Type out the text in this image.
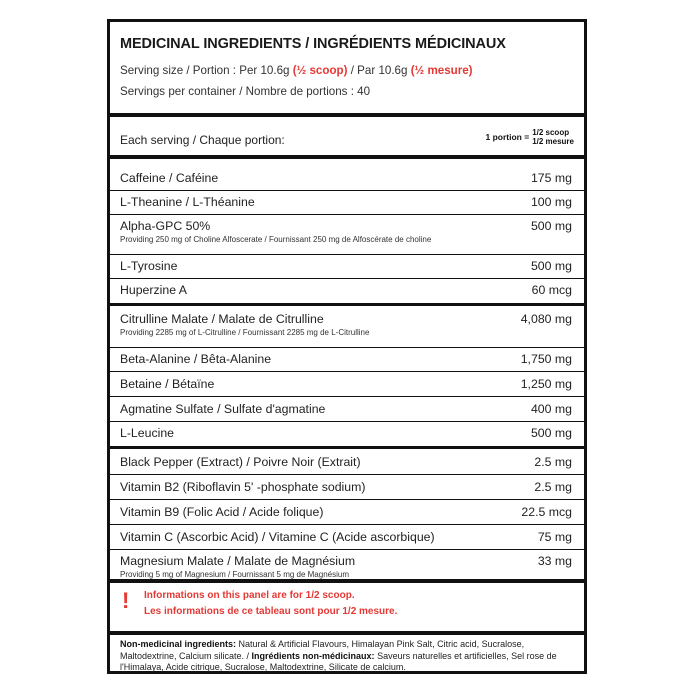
MEDICINAL INGREDIENTS / INGRÉDIENTS MÉDICINAUX
Serving size / Portion : Per 10.6g (½ scoop) / Par 10.6g (½ mesure)
Servings per container / Nombre de portions : 40
Each serving / Chaque portion:	1 portion = 1/2 scoop
1/2 mesure
Caffeine / Caféine	175 mg
L-Theanine / L-Théanine	100 mg
Alpha-GPC 50%	500 mg
Providing 250 mg of Choline Alfoscerate / Fournissant 250 mg de Alfoscérate de choline
L-Tyrosine	500 mg
Huperzine A	60 mcg
Citrulline Malate / Malate de Citrulline	4,080 mg
Providing 2285 mg of L-Citrulline / Fournissant 2285 mg de L-Citrulline
Beta-Alanine / Bêta-Alanine	1,750 mg
Betaine / Bétaïne	1,250 mg
Agmatine Sulfate / Sulfate d'agmatine	400 mg
L-Leucine	500 mg
Black Pepper (Extract) / Poivre Noir (Extrait)	2.5 mg
Vitamin B2 (Riboflavin 5' -phosphate sodium)	2.5 mg
Vitamin B9 (Folic Acid / Acide folique)	22.5 mcg
Vitamin C (Ascorbic Acid) / Vitamine C (Acide ascorbique)	75 mg
Magnesium Malate / Malate de Magnésium	33 mg
Providing 5 mg of Magnesium / Fournissant 5 mg de Magnésium
! Informations on this panel are for 1/2 scoop.
Les informations de ce tableau sont pour 1/2 mesure.
Non-medicinal ingredients: Natural & Artificial Flavours, Himalayan Pink Salt, Citric acid, Sucralose, Maltodextrine, Calcium silicate. / Ingrédients non-médicinaux: Saveurs naturelles et artificielles, Sel rose de l'Himalaya, Acide citrique, Sucralose, Maltodextrine, Silicate de calcium.
